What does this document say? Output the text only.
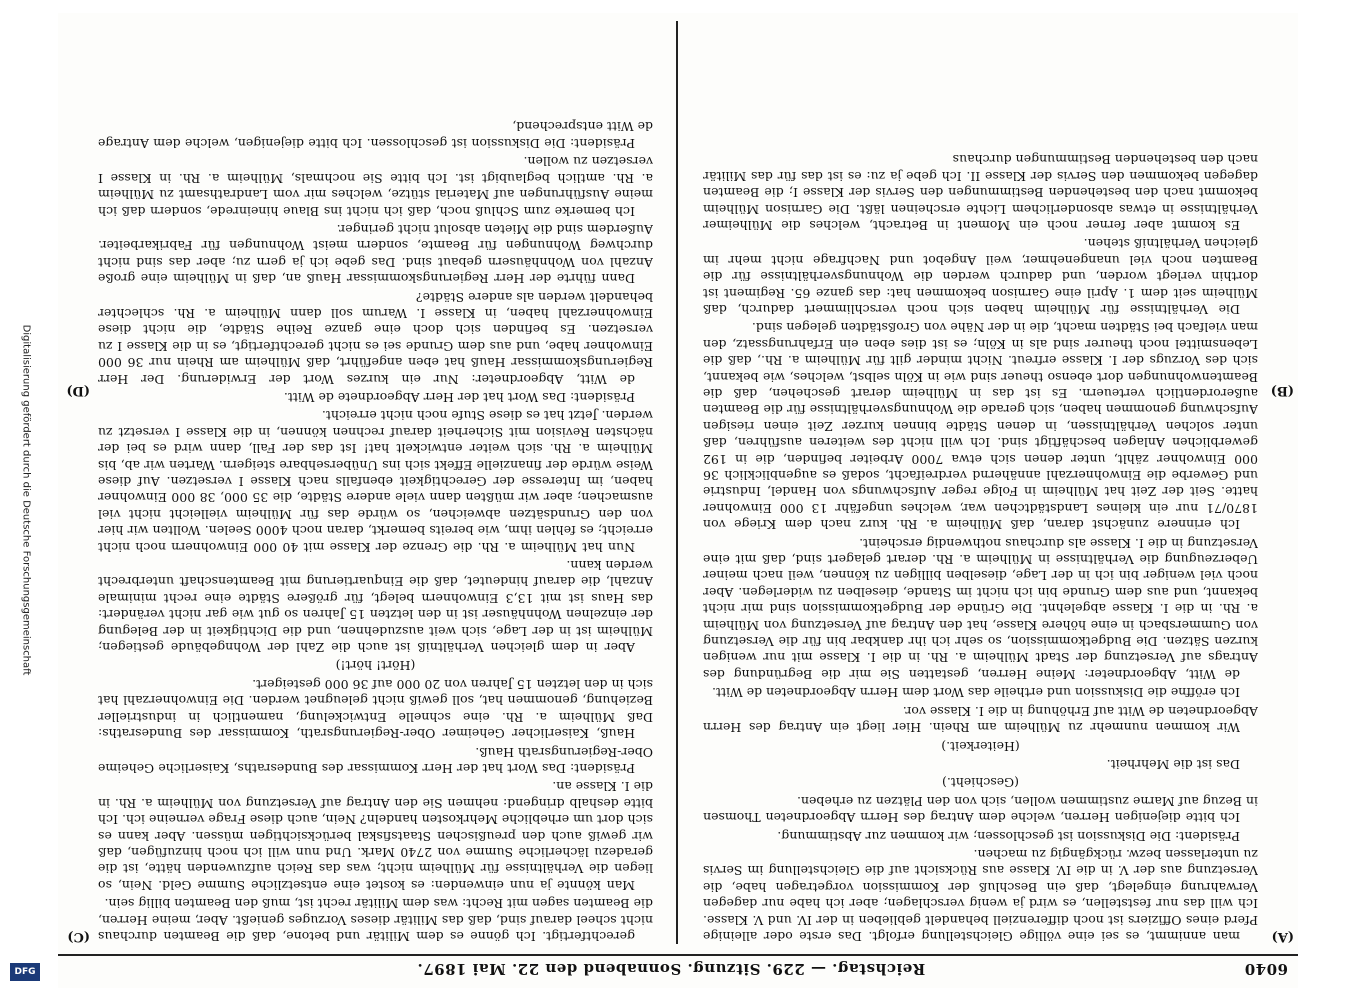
6040
Reichstag. — 229. Sitzung. Sonnabend den 22. Mai 1897.
(A)
(B)
(C)
(D)

man annimmt, es sei eine völlige Gleichstellung erfolgt. Das erste oder alleinige Pferd eines Offiziers ist noch differenziell behandelt geblieben in der IV. und V. Klasse. Ich will das nur feststellen, es wird ja wenig verschlagen; aber ich habe nur dagegen Verwahrung eingelegt, daß ein Beschluß der Kommission vorgetragen habe, die Versetzung aus der V. in die IV. Klasse aus Rücksicht auf die Gleichstellung im Servis zu unterlassen bezw. rückgängig zu machen.

Präsident: Die Diskussion ist geschlossen; wir kommen zur Abstimmung.

Ich bitte diejenigen Herren, welche dem Antrag des Herrn Abgeordneten Thomsen in Bezug auf Marne zustimmen wollen, sich von den Plätzen zu erheben.

(Geschieht.)

Das ist die Mehrheit.

(Heiterkeit.)

Wir kommen nunmehr zu Mülheim am Rhein. Hier liegt ein Antrag des Herrn Abgeordneten de Witt auf Erhöhung in die I. Klasse vor.

Ich eröffne die Diskussion und ertheile das Wort dem Herrn Abgeordneten de Witt.

de Witt, Abgeordneter: Meine Herren, gestatten Sie mir die Begründung des Antrags auf Versetzung der Stadt Mülheim a. Rh. in die I. Klasse mit nur wenigen kurzen Sätzen. Die Budgetkommission, so sehr ich ihr dankbar bin für die Versetzung von Gummersbach in eine höhere Klasse, hat den Antrag auf Versetzung von Mülheim a. Rh. in die I. Klasse abgelehnt. Die Gründe der Budgetkommission sind mir nicht bekannt, und aus dem Grunde bin ich nicht im Stande, dieselben zu widerlegen. Aber noch viel weniger bin ich in der Lage, dieselben billigen zu können, weil nach meiner Ueberzeugung die Verhältnisse in Mülheim a. Rh. derart gelagert sind, daß mit eine Versetzung in die I. Klasse als durchaus nothwendig erscheint.

Ich erinnere zunächst daran, daß Mülheim a. Rh. kurz nach dem Kriege von 1870/71 nur ein kleines Landstädtchen war, welches ungefähr 13 000 Einwohner hatte. Seit der Zeit hat Mülheim in Folge reger Aufschwungs von Handel, Industrie und Gewerbe die Einwohnerzahl annähernd verdreifacht, sodaß es augenblicklich 36 000 Einwohner zählt, unter denen sich etwa 7000 Arbeiter befinden, die in 192 gewerblichen Anlagen beschäftigt sind. Ich will nicht des weiteren ausführen, daß unter solchen Verhältnissen, in denen Städte binnen kurzer Zeit einen riesigen Aufschwung genommen haben, sich gerade die Wohnungsverhältnisse für die Beamten außerordentlich verteuern. Es ist das in Mülheim derart geschehen, daß die Beamtenwohnungen dort ebenso theuer sind wie in Köln selbst, welches, wie bekannt, sich des Vorzugs der I. Klasse erfreut. Nicht minder gilt für Mülheim a. Rh., daß die Lebensmittel noch theurer sind als in Köln; es ist dies eben ein Erfahrungssatz, den man vielfach bei Städten macht, die in der Nähe von Großstädten gelegen sind.

Die Verhältnisse für Mülheim haben sich noch verschlimmert dadurch, daß Mülheim seit dem 1. April eine Garnison bekommen hat: das ganze 65. Regiment ist dorthin verlegt worden, und dadurch werden die Wohnungsverhältnisse für die Beamten noch viel unangenehmer, weil Angebot und Nachfrage nicht mehr im gleichen Verhältniß stehen.

Es kommt aber ferner noch ein Moment in Betracht, welches die Mülheimer Verhältnisse in etwas absonderlichem Lichte erscheinen läßt. Die Garnison Mülheim bekommt nach den bestehenden Bestimmungen den Servis der Klasse I; die Beamten dagegen bekommen den Servis der Klasse II. Ich gebe ja zu: es ist das für das Militär nach den bestehenden Bestimmungen durchaus

gerechtfertigt. Ich gönne es dem Militär und betone, daß die Beamten durchaus nicht scheel darauf sind, daß das Militär dieses Vorzuges genießt. Aber, meine Herren, die Beamten sagen mit Recht: was dem Militär recht ist, muß den Beamten billig sein.

Man könnte ja nun einwenden: es kostet eine entsetzliche Summe Geld. Nein, so liegen die Verhältnisse für Mülheim nicht; was das Reich aufzuwenden hätte, ist die geradezu lächerliche Summe von 2740 Mark. Und nun will ich noch hinzufügen, daß wir gewiß auch den preußischen Staatsfiskal berücksichtigen müssen. Aber kann es sich dort um erhebliche Mehrkosten handeln? Nein, auch diese Frage verneine ich. Ich bitte deshalb dringend: nehmen Sie den Antrag auf Versetzung von Mülheim a. Rh. in die I. Klasse an.

Präsident: Das Wort hat der Herr Kommissar des Bundesraths, Kaiserliche Geheime Ober-Regierungsrath Hauß.

Hauß, Kaiserlicher Geheimer Ober-Regierungsrath, Kommissar des Bundesraths: Daß Mülheim a. Rh. eine schnelle Entwickelung, namentlich in industrieller Beziehung, genommen hat, soll gewiß nicht geleugnet werden. Die Einwohnerzahl hat sich in den letzten 15 Jahren von 20 000 auf 36 000 gesteigert.

(Hört! hört!)

Aber in dem gleichen Verhältniß ist auch die Zahl der Wohngebäude gestiegen; Mülheim ist in der Lage, sich weit auszudehnen, und die Dichtigkeit in der Belegung der einzelnen Wohnhäuser ist in den letzten 15 Jahren so gut wie gar nicht verändert: das Haus ist mit 13,3 Einwohnern belegt, für größere Städte eine recht minimale Anzahl, die darauf hindeutet, daß die Einquartierung mit Beamtenschaft unterbrecht werden kann.

Nun hat Mülheim a. Rh. die Grenze der Klasse mit 40 000 Einwohnern noch nicht erreicht; es fehlen ihm, wie bereits bemerkt, daran noch 4000 Seelen. Wollten wir hier von den Grundsätzen abweichen, so würde das für Mülheim vielleicht nicht viel ausmachen; aber wir müßten dann viele andere Städte, die 35 000, 38 000 Einwohner haben, im Interesse der Gerechtigkeit ebenfalls nach Klasse I versetzen. Auf diese Weise würde der finanzielle Effekt sich ins Unübersehbare steigern. Warten wir ab, bis Mülheim a. Rh. sich weiter entwickelt hat! Ist das der Fall, dann wird es bei der nächsten Revision mit Sicherheit darauf rechnen können, in die Klasse I versetzt zu werden. Jetzt hat es diese Stufe noch nicht erreicht.

Präsident: Das Wort hat der Herr Abgeordnete de Witt.

de Witt, Abgeordneter: Nur ein kurzes Wort der Erwiderung. Der Herr Regierungskommissar Hauß hat eben angeführt, daß Mülheim am Rhein nur 36 000 Einwohner habe, und aus dem Grunde sei es nicht gerechtfertigt, es in die Klasse I zu versetzen. Es befinden sich doch eine ganze Reihe Städte, die nicht diese Einwohnerzahl haben, in Klasse I. Warum soll dann Mülheim a. Rh. schlechter behandelt werden als andere Städte?

Dann führte der Herr Regierungskommissar Hauß an, daß in Mülheim eine große Anzahl von Wohnhäusern gebaut sind. Das gebe ich ja gern zu; aber das sind nicht durchweg Wohnungen für Beamte, sondern meist Wohnungen für Fabrikarbeiter. Außerdem sind die Mieten absolut nicht geringer.

Ich bemerke zum Schluß noch, daß ich nicht ins Blaue hineinrede, sondern daß ich meine Ausführungen auf Material stütze, welches mir vom Landrathsamt zu Mülheim a. Rh. amtlich beglaubigt ist. Ich bitte Sie nochmals, Mülheim a. Rh. in Klasse I versetzen zu wollen.

Präsident: Die Diskussion ist geschlossen. Ich bitte diejenigen, welche dem Antrage de Witt entsprechend,

Digitalisierung gefördert durch die Deutsche Forschungsgemeinschaft
DFG
